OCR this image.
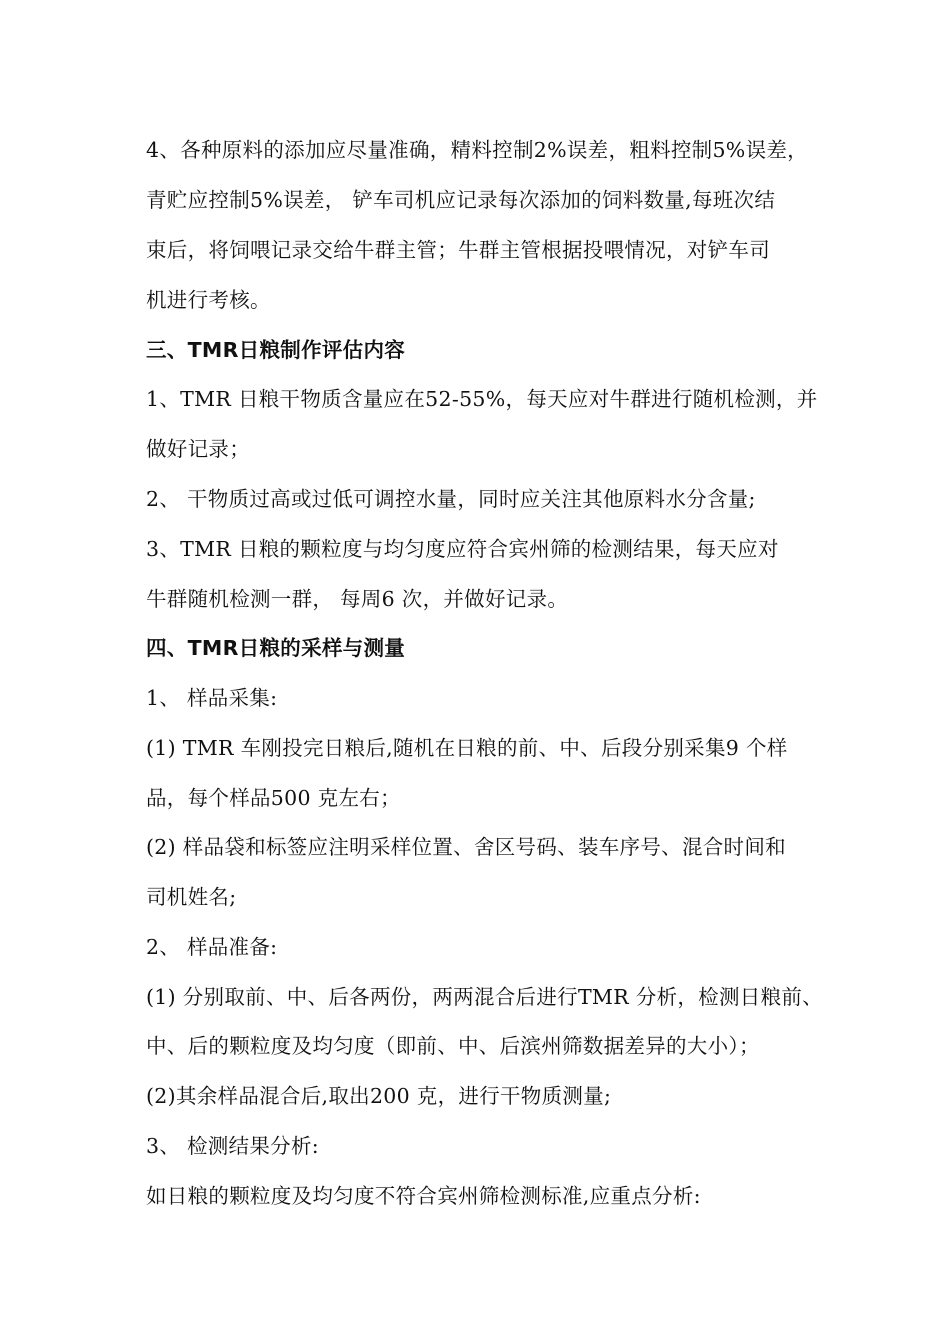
4、各种原料的添加应尽量准确，精料控制2%误差，粗料控制5%误差，
青贮应控制5%误差， 铲车司机应记录每次添加的饲料数量,每班次结
束后，将饲喂记录交给牛群主管；牛群主管根据投喂情况，对铲车司
机进行考核。
三、TMR日粮制作评估内容
1、TMR 日粮干物质含量应在52-55%，每天应对牛群进行随机检测，并
做好记录；
2、 干物质过高或过低可调控水量，同时应关注其他原料水分含量;
3、TMR 日粮的颗粒度与均匀度应符合宾州筛的检测结果，每天应对
牛群随机检测一群， 每周6 次，并做好记录。
四、TMR日粮的采样与测量
1、 样品采集:
(1) TMR 车刚投完日粮后,随机在日粮的前、中、后段分别采集9 个样
品，每个样品500 克左右；
(2) 样品袋和标签应注明采样位置、舍区号码、装车序号、混合时间和
司机姓名;
2、 样品准备:
(1) 分别取前、中、后各两份，两两混合后进行TMR 分析，检测日粮前、
中、后的颗粒度及均匀度（即前、中、后滨州筛数据差异的大小）；
(2)其余样品混合后,取出200 克，进行干物质测量;
3、 检测结果分析:
如日粮的颗粒度及均匀度不符合宾州筛检测标准,应重点分析:
